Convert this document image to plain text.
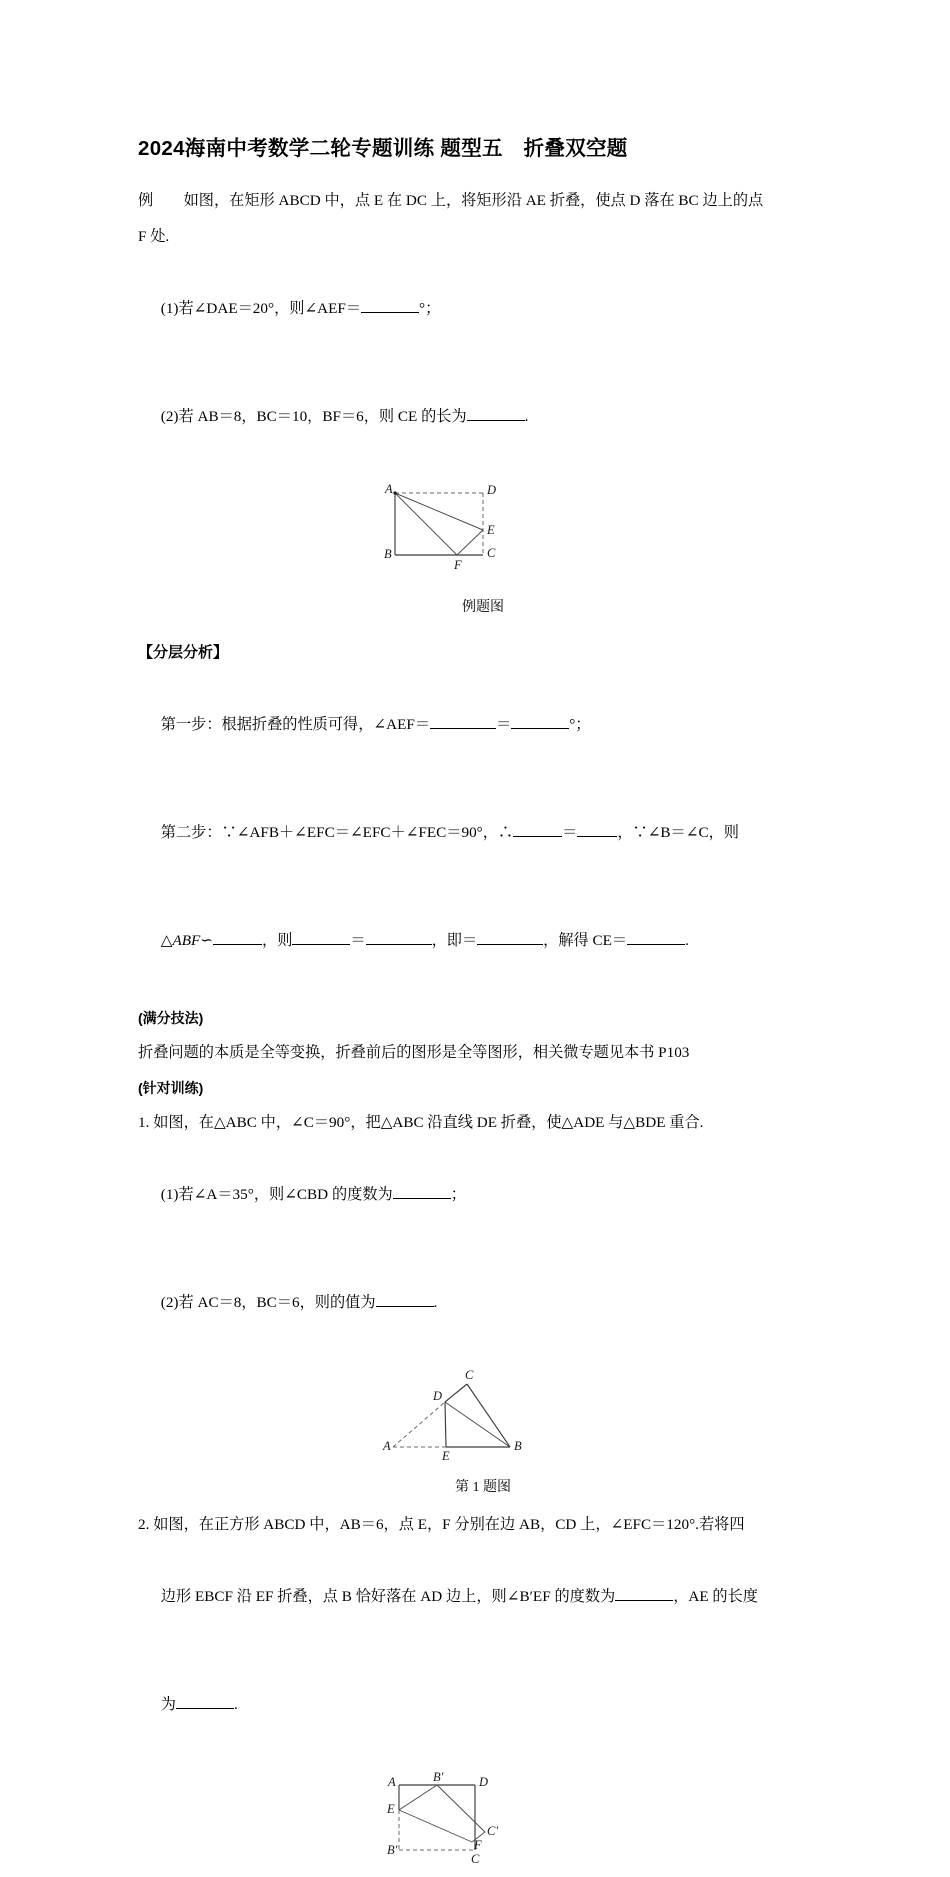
2024海南中考数学二轮专题训练 题型五　折叠双空题
例　　如图，在矩形 ABCD 中，点 E 在 DC 上，将矩形沿 AE 折叠，使点 D 落在 BC 边上的点
F 处.

(1)若∠DAE＝20°，则∠AEF＝	°；

(2)若 AB＝8，BC＝10，BF＝6，则 CE 的长为	.

A	D
E
C
B
F
例题图
【分层分析】

第一步：根据折叠的性质可得，∠AEF＝	＝	°；

第二步：∵∠AFB＋∠EFC＝∠EFC＋∠FEC＝90°，∴	＝	，∵∠B＝∠C，则

△ABF∽	，则	＝	，即＝	，解得 CE＝	.

(满分技法)
折叠问题的本质是全等变换，折叠前后的图形是全等图形，相关微专题见本书 P103
(针对训练)
1. 如图，在△ABC 中，∠C＝90°，把△ABC 沿直线 DE 折叠，使△ADE 与△BDE 重合.

(1)若∠A＝35°，则∠CBD 的度数为	；

(2)若 AC＝8，BC＝6，则的值为	.

A
E
B
D
C
第 1 题图
2. 如图，在正方形 ABCD 中，AB＝6，点 E，F 分别在边 AB，CD 上，∠EFC＝120°.若将四

边形 EBCF 沿 EF 折叠，点 B 恰好落在 AD 边上，则∠B′EF 的度数为	，AE 的长度

为	.

A	D
B′
E
C′
F
B′
C
